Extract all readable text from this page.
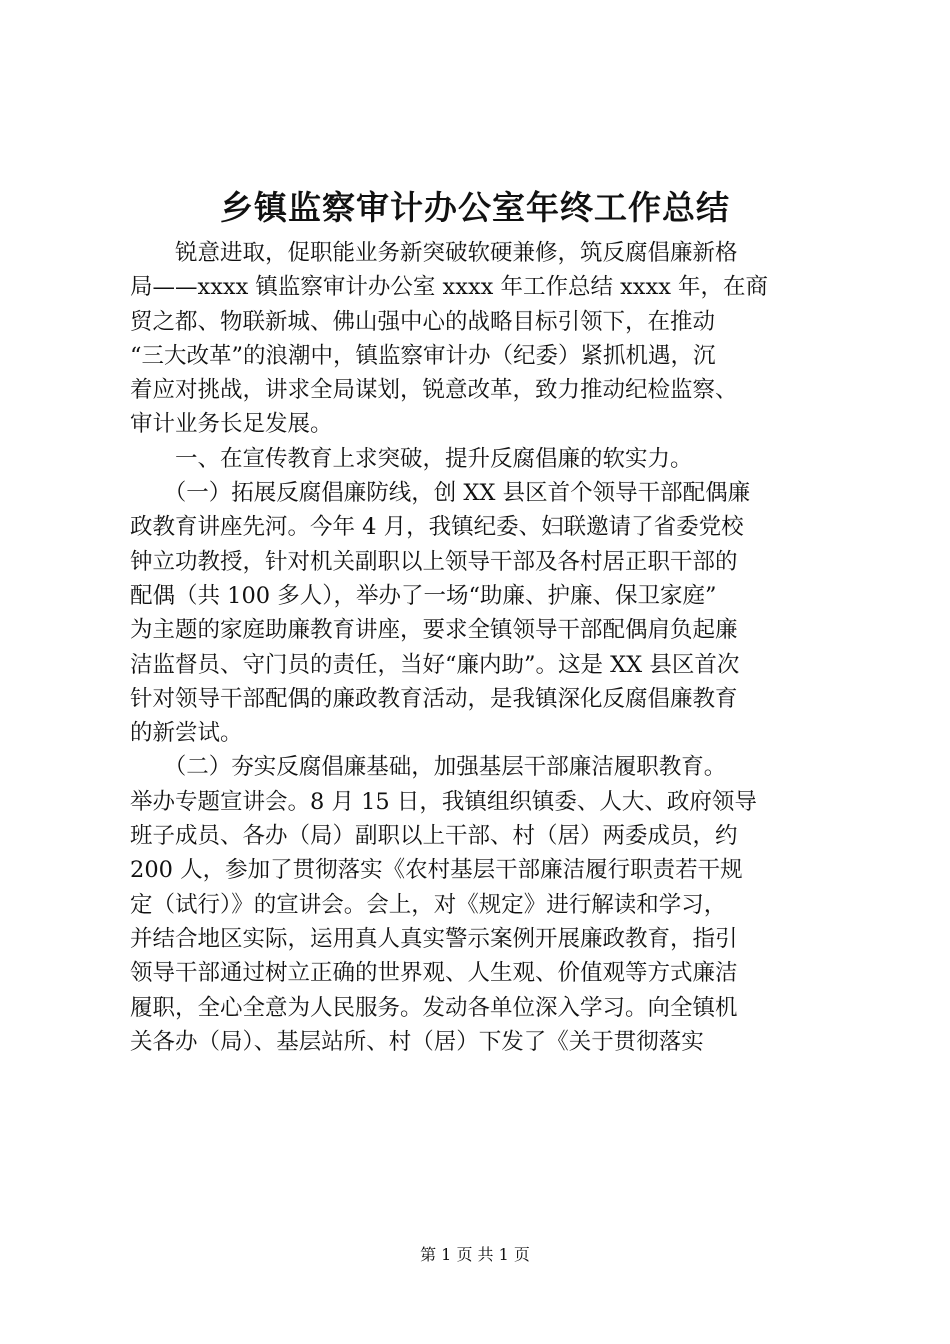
乡镇监察审计办公室年终工作总结
　　锐意进取，促职能业务新突破软硬兼修，筑反腐倡廉新格
局——xxxx 镇监察审计办公室 xxxx 年工作总结 xxxx 年，在商
贸之都、物联新城、佛山强中心的战略目标引领下，在推动
“三大改革”的浪潮中，镇监察审计办（纪委）紧抓机遇，沉
着应对挑战，讲求全局谋划，锐意改革，致力推动纪检监察、
审计业务长足发展。
　　一、在宣传教育上求突破，提升反腐倡廉的软实力。
　　（一）拓展反腐倡廉防线，创 XX 县区首个领导干部配偶廉
政教育讲座先河。今年 4 月，我镇纪委、妇联邀请了省委党校
钟立功教授，针对机关副职以上领导干部及各村居正职干部的
配偶（共 100 多人），举办了一场“助廉、护廉、保卫家庭”
为主题的家庭助廉教育讲座，要求全镇领导干部配偶肩负起廉
洁监督员、守门员的责任，当好“廉内助”。这是 XX 县区首次
针对领导干部配偶的廉政教育活动，是我镇深化反腐倡廉教育
的新尝试。
　　（二）夯实反腐倡廉基础，加强基层干部廉洁履职教育。
举办专题宣讲会。8 月 15 日，我镇组织镇委、人大、政府领导
班子成员、各办（局）副职以上干部、村（居）两委成员，约
200 人，参加了贯彻落实《农村基层干部廉洁履行职责若干规
定（试行）》的宣讲会。会上，对《规定》进行解读和学习，
并结合地区实际，运用真人真实警示案例开展廉政教育，指引
领导干部通过树立正确的世界观、人生观、价值观等方式廉洁
履职，全心全意为人民服务。发动各单位深入学习。向全镇机
关各办（局）、基层站所、村（居）下发了《关于贯彻落实
第 1 页 共 1 页
